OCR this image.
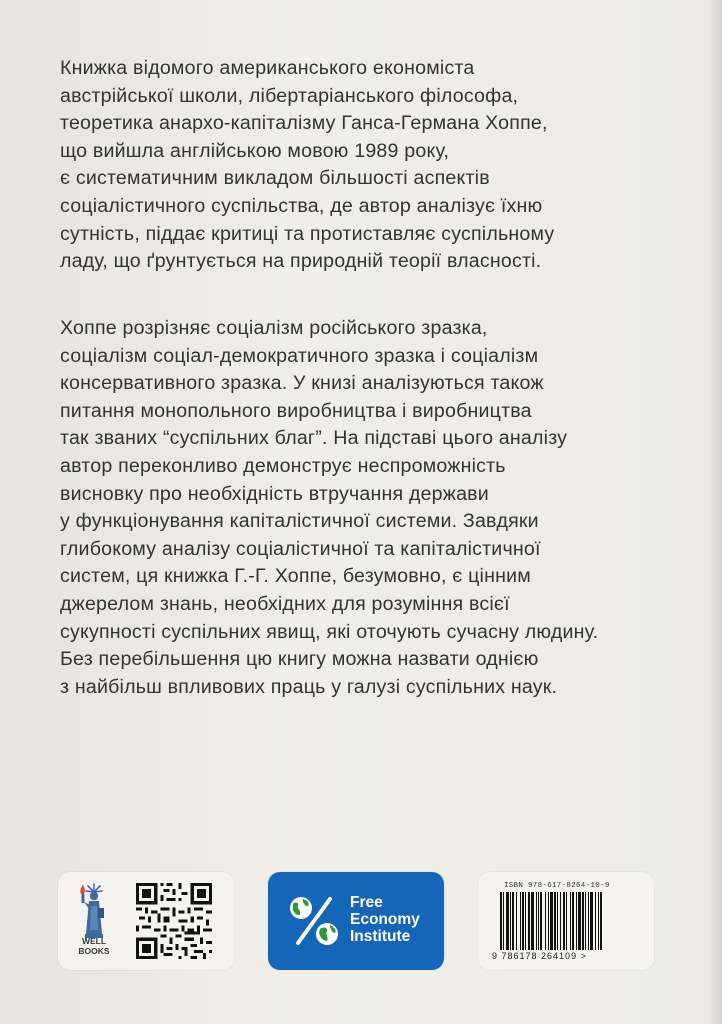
Книжка відомого американського економіста
австрійської школи, лібертаріанського філософа,
теоретика анархо-капіталізму Ганса-Германа Хоппе,
що вийшла англійською мовою 1989 року,
є систематичним викладом більшості аспектів
соціалістичного суспільства, де автор аналізує їхню
сутність, піддає критиці та протиставляє суспільному
ладу, що ґрунтується на природній теорії власності.
Хоппе розрізняє соціалізм російського зразка,
соціалізм соціал-демократичного зразка і соціалізм
консервативного зразка. У книзі аналізуються також
питання монопольного виробництва і виробництва
так званих “суспільних благ”. На підставі цього аналізу
автор переконливо демонструє неспроможність
висновку про необхідність втручання держави
у функціонування капіталістичної системи. Завдяки
глибокому аналізу соціалістичної та капіталістичної
систем, ця книжка Г.-Г. Хоппе, безумовно, є цінним
джерелом знань, необхідних для розуміння всієї
сукупності суспільних явищ, які оточують сучасну людину.
Без перебільшення цю книгу можна назвати однією
з найбільш впливових праць у галузі суспільних наук.
WELL
BOOKS
Free
Economy
Institute
ISBN 978-617-8264-10-9
9 786178 264109 >
